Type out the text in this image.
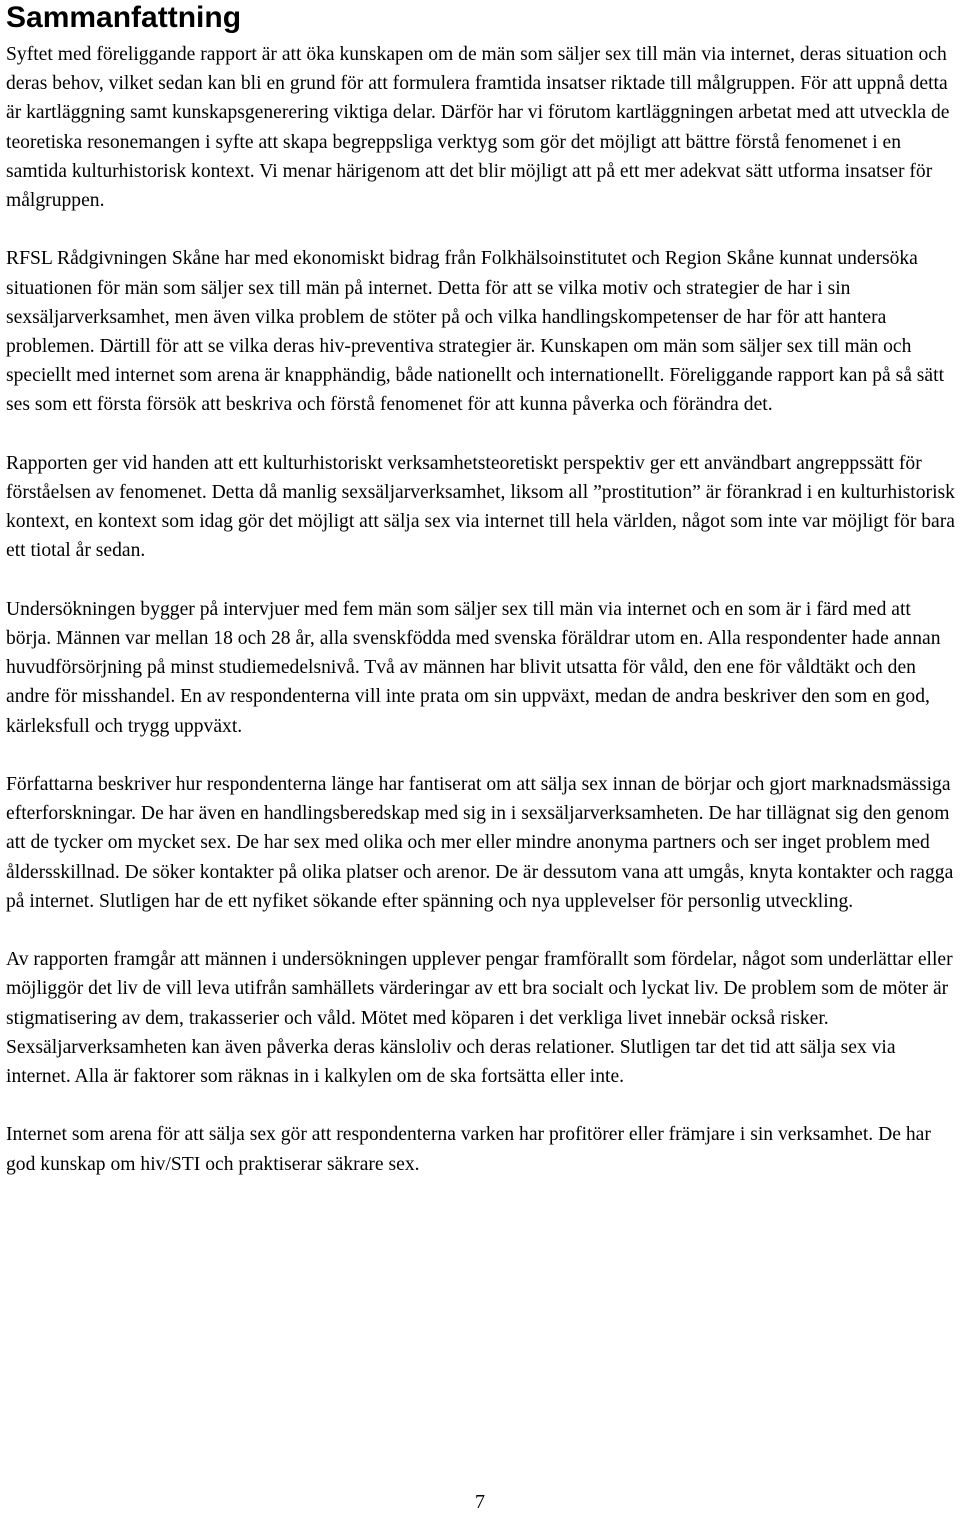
Sammanfattning

Syftet med föreliggande rapport är att öka kunskapen om de män som säljer sex till män via internet, deras situation och deras behov, vilket sedan kan bli en grund för att formulera framtida insatser riktade till målgruppen. För att uppnå detta är kartläggning samt kunskapsgenerering viktiga delar. Därför har vi förutom kartläggningen arbetat med att utveckla de teoretiska resonemangen i syfte att skapa begreppsliga verktyg som gör det möjligt att bättre förstå fenomenet i en samtida kulturhistorisk kontext. Vi menar härigenom att det blir möjligt att på ett mer adekvat sätt utforma insatser för målgruppen.

RFSL Rådgivningen Skåne har med ekonomiskt bidrag från Folkhälsoinstitutet och Region Skåne kunnat undersöka situationen för män som säljer sex till män på internet. Detta för att se vilka motiv och strategier de har i sin sexsäljarverksamhet, men även vilka problem de stöter på och vilka handlingskompetenser de har för att hantera problemen. Därtill för att se vilka deras hiv-preventiva strategier är. Kunskapen om män som säljer sex till män och speciellt med internet som arena är knapphändig, både nationellt och internationellt. Föreliggande rapport kan på så sätt ses som ett första försök att beskriva och förstå fenomenet för att kunna påverka och förändra det.

Rapporten ger vid handen att ett kulturhistoriskt verksamhetsteoretiskt perspektiv ger ett användbart angreppssätt för förståelsen av fenomenet. Detta då manlig sexsäljarverksamhet, liksom all ”prostitution” är förankrad i en kulturhistorisk kontext, en kontext som idag gör det möjligt att sälja sex via internet till hela världen, något som inte var möjligt för bara ett tiotal år sedan.

Undersökningen bygger på intervjuer med fem män som säljer sex till män via internet och en som är i färd med att börja. Männen var mellan 18 och 28 år, alla svenskfödda med svenska föräldrar utom en. Alla respondenter hade annan huvudförsörjning på minst studiemedelsnivå. Två av männen har blivit utsatta för våld, den ene för våldtäkt och den andre för misshandel. En av respondenterna vill inte prata om sin uppväxt, medan de andra beskriver den som en god, kärleksfull och trygg uppväxt.

Författarna beskriver hur respondenterna länge har fantiserat om att sälja sex innan de börjar och gjort marknadsmässiga efterforskningar. De har även en handlingsberedskap med sig in i sexsäljarverksamheten. De har tillägnat sig den genom att de tycker om mycket sex. De har sex med olika och mer eller mindre anonyma partners och ser inget problem med åldersskillnad. De söker kontakter på olika platser och arenor. De är dessutom vana att umgås, knyta kontakter och ragga på internet. Slutligen har de ett nyfiket sökande efter spänning och nya upplevelser för personlig utveckling.

Av rapporten framgår att männen i undersökningen upplever pengar framförallt som fördelar, något som underlättar eller möjliggör det liv de vill leva utifrån samhällets värderingar av ett bra socialt och lyckat liv. De problem som de möter är stigmatisering av dem, trakasserier och våld. Mötet med köparen i det verkliga livet innebär också risker. Sexsäljarverksamheten kan även påverka deras känsloliv och deras relationer. Slutligen tar det tid att sälja sex via internet. Alla är faktorer som räknas in i kalkylen om de ska fortsätta eller inte.

Internet som arena för att sälja sex gör att respondenterna varken har profitörer eller främjare i sin verksamhet. De har god kunskap om hiv/STI och praktiserar säkrare sex.

7
